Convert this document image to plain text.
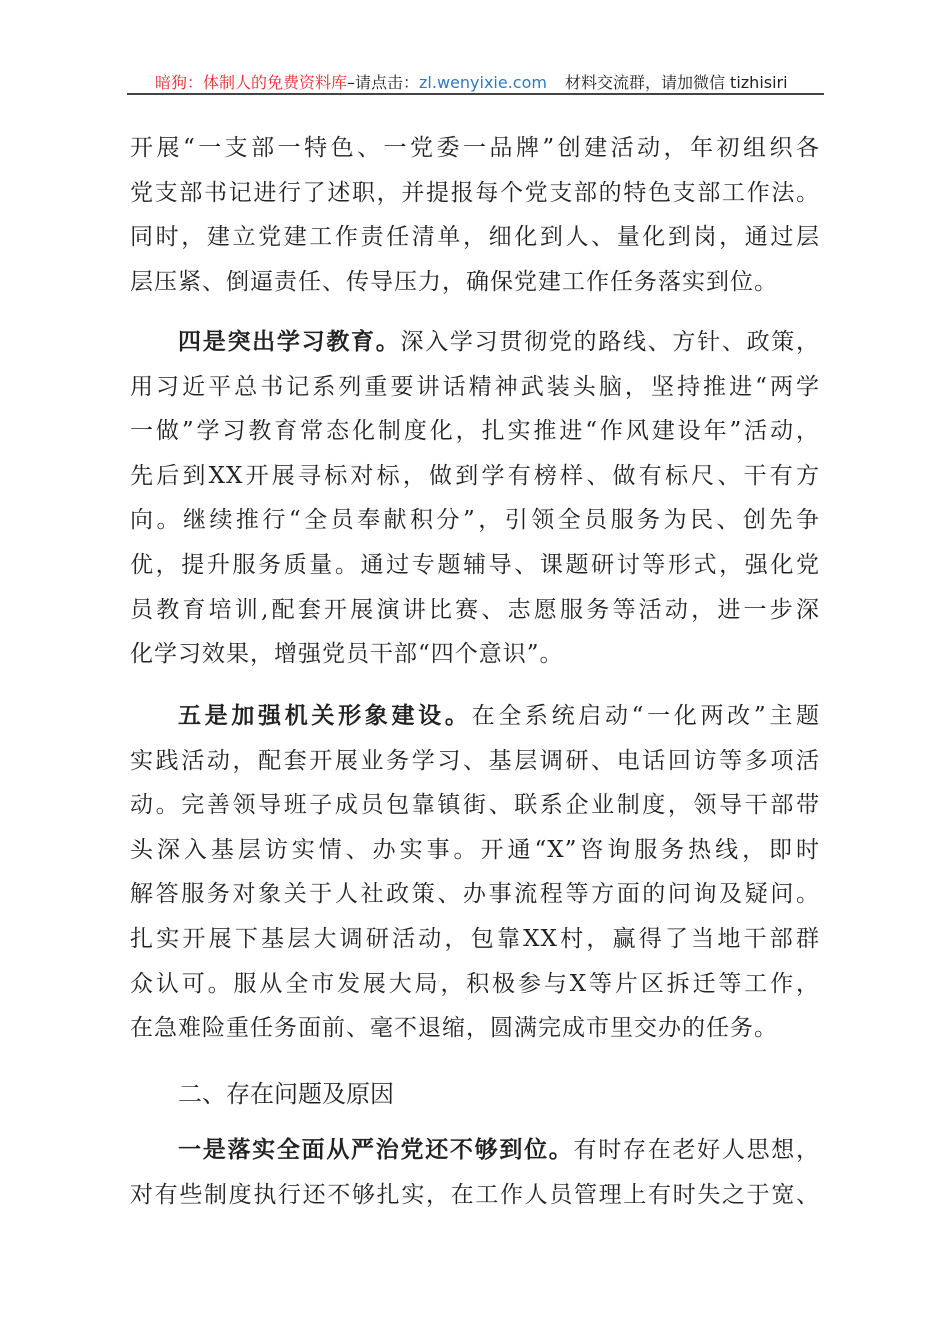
暗狗：体制人的免费资料库–请点击：zl.wenyixie.com 材料交流群，请加微信 tizhisiri
开展“一支部一特色、一党委一品牌”创建活动，年初组织各
党支部书记进行了述职，并提报每个党支部的特色支部工作法。
同时，建立党建工作责任清单，细化到人、量化到岗，通过层
层压紧、倒逼责任、传导压力，确保党建工作任务落实到位。
四是突出学习教育。深入学习贯彻党的路线、方针、政策，
用习近平总书记系列重要讲话精神武装头脑，坚持推进“两学
一做”学习教育常态化制度化，扎实推进“作风建设年”活动，
先后到XX开展寻标对标，做到学有榜样、做有标尺、干有方
向。继续推行“全员奉献积分”，引领全员服务为民、创先争
优，提升服务质量。通过专题辅导、课题研讨等形式，强化党
员教育培训,配套开展演讲比赛、志愿服务等活动，进一步深
化学习效果，增强党员干部“四个意识”。
五是加强机关形象建设。在全系统启动“一化两改”主题
实践活动，配套开展业务学习、基层调研、电话回访等多项活
动。完善领导班子成员包靠镇街、联系企业制度，领导干部带
头深入基层访实情、办实事。开通“X”咨询服务热线，即时
解答服务对象关于人社政策、办事流程等方面的问询及疑问。
扎实开展下基层大调研活动，包靠XX村，赢得了当地干部群
众认可。服从全市发展大局，积极参与X等片区拆迁等工作，
在急难险重任务面前、毫不退缩，圆满完成市里交办的任务。
一是落实全面从严治党还不够到位。有时存在老好人思想，
对有些制度执行还不够扎实，在工作人员管理上有时失之于宽、
二、存在问题及原因
